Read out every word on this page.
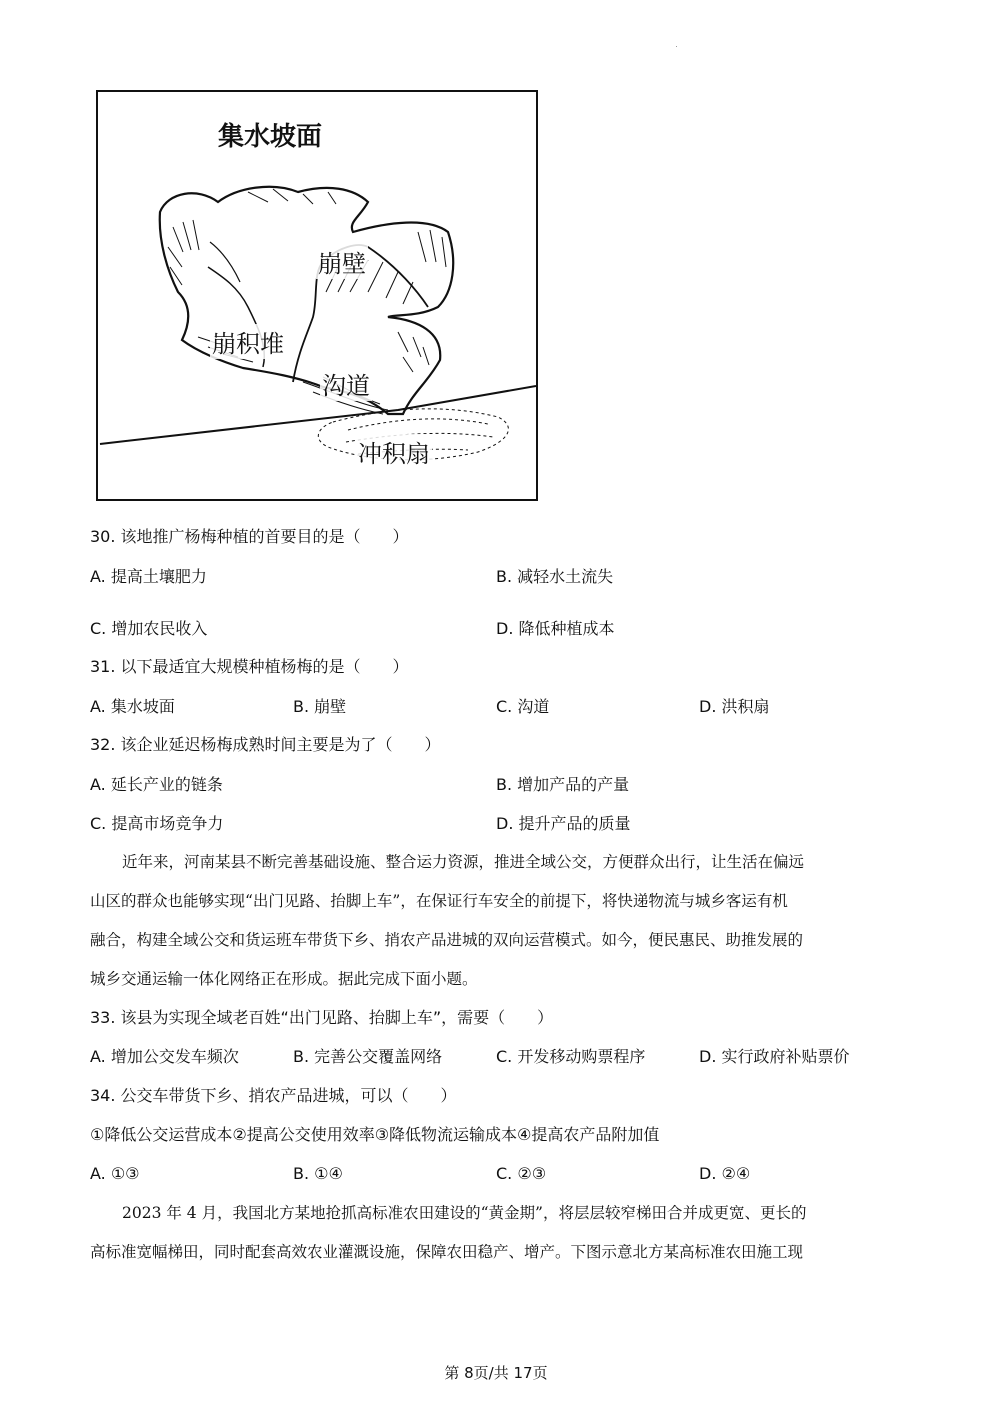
集水坡面
崩壁
崩积堆
沟道
冲积扇
30. 该地推广杨梅种植的首要目的是（　　）
A. 提高土壤肥力	B. 减轻水土流失
C. 增加农民收入	D. 降低种植成本
31. 以下最适宜大规模种植杨梅的是（　　）
A. 集水坡面	B. 崩壁	C. 沟道	D. 洪积扇
32. 该企业延迟杨梅成熟时间主要是为了（　　）
A. 延长产业的链条	B. 增加产品的产量
C. 提高市场竞争力	D. 提升产品的质量
近年来，河南某县不断完善基础设施、整合运力资源，推进全域公交，方便群众出行，让生活在偏远
山区的群众也能够实现“出门见路、抬脚上车”，在保证行车安全的前提下，将快递物流与城乡客运有机
融合，构建全域公交和货运班车带货下乡、捎农产品进城的双向运营模式。如今，便民惠民、助推发展的
城乡交通运输一体化网络正在形成。据此完成下面小题。
33. 该县为实现全域老百姓“出门见路、抬脚上车”，需要（　　）
A. 增加公交发车频次	B. 完善公交覆盖网络	C. 开发移动购票程序	D. 实行政府补贴票价
34. 公交车带货下乡、捎农产品进城，可以（　　）
①降低公交运营成本②提高公交使用效率③降低物流运输成本④提高农产品附加值
A. ①③	B. ①④	C. ②③	D. ②④
2023 年 4 月，我国北方某地抢抓高标准农田建设的“黄金期”，将层层较窄梯田合并成更宽、更长的
高标准宽幅梯田，同时配套高效农业灌溉设施，保障农田稳产、增产。下图示意北方某高标准农田施工现
第 8页/共 17页
